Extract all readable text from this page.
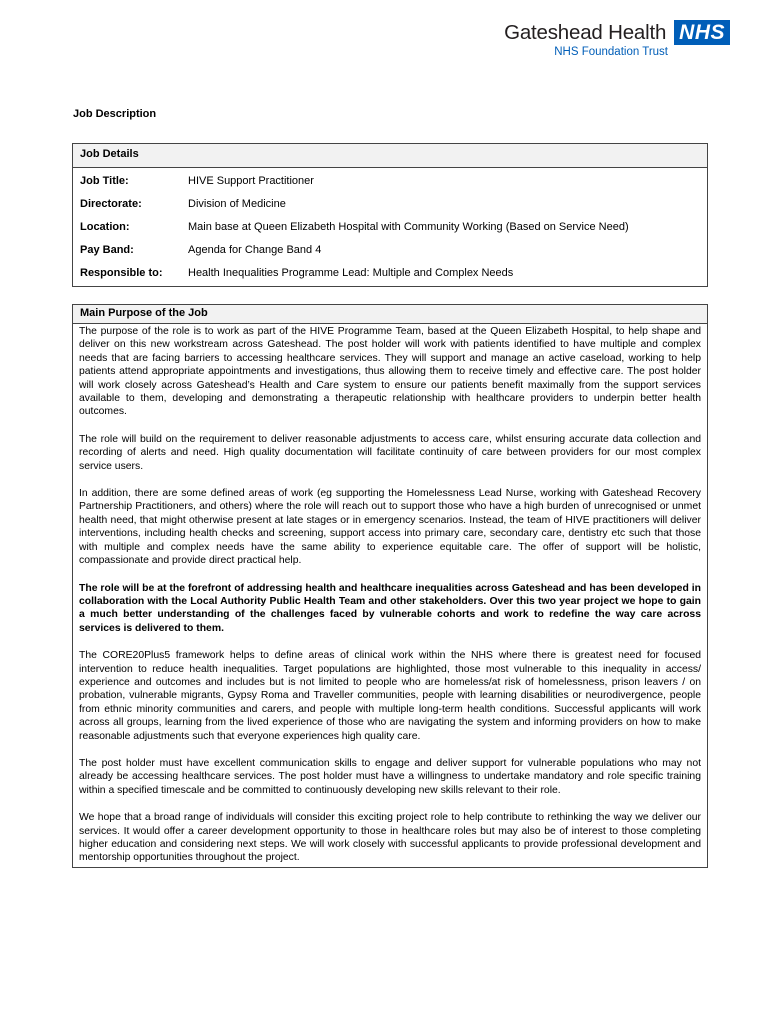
Gateshead Health NHS
NHS Foundation Trust
Job Description
Job Details
Job Title:	HIVE Support Practitioner
Directorate:	Division of Medicine
Location:	Main base at Queen Elizabeth Hospital with Community Working (Based on Service Need)
Pay Band:	Agenda for Change Band 4
Responsible to:	Health Inequalities Programme Lead: Multiple and Complex Needs
Main Purpose of the Job

The purpose of the role is to work as part of the HIVE Programme Team, based at the Queen Elizabeth Hospital, to help shape and deliver on this new workstream across Gateshead. The post holder will work with patients identified to have multiple and complex needs that are facing barriers to accessing healthcare services. They will support and manage an active caseload, working to help patients attend appropriate appointments and investigations, thus allowing them to receive timely and effective care. The post holder will work closely across Gateshead’s Health and Care system to ensure our patients benefit maximally from the support services available to them, developing and demonstrating a therapeutic relationship with healthcare providers to underpin better health outcomes.

The role will build on the requirement to deliver reasonable adjustments to access care, whilst ensuring accurate data collection and recording of alerts and need. High quality documentation will facilitate continuity of care between providers for our most complex service users.

In addition, there are some defined areas of work (eg supporting the Homelessness Lead Nurse, working with Gateshead Recovery Partnership Practitioners, and others) where the role will reach out to support those who have a high burden of unrecognised or unmet health need, that might otherwise present at late stages or in emergency scenarios. Instead, the team of HIVE practitioners will deliver interventions, including health checks and screening, support access into primary care, secondary care, dentistry etc such that those with multiple and complex needs have the same ability to experience equitable care. The offer of support will be holistic, compassionate and provide direct practical help.

The role will be at the forefront of addressing health and healthcare inequalities across Gateshead and has been developed in collaboration with the Local Authority Public Health Team and other stakeholders. Over this two year project we hope to gain a much better understanding of the challenges faced by vulnerable cohorts and work to redefine the way care across services is delivered to them.

The CORE20Plus5 framework helps to define areas of clinical work within the NHS where there is greatest need for focused intervention to reduce health inequalities. Target populations are highlighted, those most vulnerable to this inequality in access/ experience and outcomes and includes but is not limited to people who are homeless/at risk of homelessness, prison leavers / on probation, vulnerable migrants, Gypsy Roma and Traveller communities, people with learning disabilities or neurodivergence, people from ethnic minority communities and carers, and people with multiple long-term health conditions. Successful applicants will work across all groups, learning from the lived experience of those who are navigating the system and informing providers on how to make reasonable adjustments such that everyone experiences high quality care.

The post holder must have excellent communication skills to engage and deliver support for vulnerable populations who may not already be accessing healthcare services. The post holder must have a willingness to undertake mandatory and role specific training within a specified timescale and be committed to continuously developing new skills relevant to their role.

We hope that a broad range of individuals will consider this exciting project role to help contribute to rethinking the way we deliver our services. It would offer a career development opportunity to those in healthcare roles but may also be of interest to those completing higher education and considering next steps. We will work closely with successful applicants to provide professional development and mentorship opportunities throughout the project.
